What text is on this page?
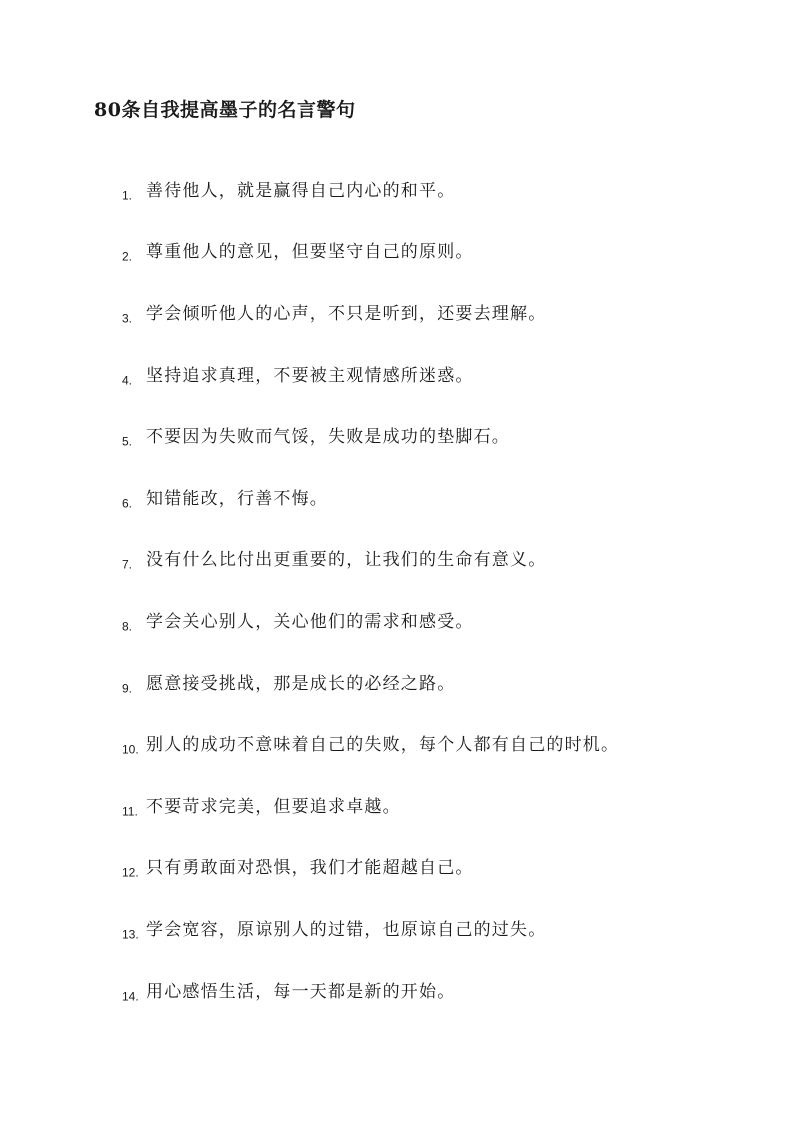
80条自我提高墨子的名言警句
1. 善待他人，就是赢得自己内心的和平。
2. 尊重他人的意见，但要坚守自己的原则。
3. 学会倾听他人的心声，不只是听到，还要去理解。
4. 坚持追求真理，不要被主观情感所迷惑。
5. 不要因为失败而气馁，失败是成功的垫脚石。
6. 知错能改，行善不悔。
7. 没有什么比付出更重要的，让我们的生命有意义。
8. 学会关心别人，关心他们的需求和感受。
9. 愿意接受挑战，那是成长的必经之路。
10. 别人的成功不意味着自己的失败，每个人都有自己的时机。
11. 不要苛求完美，但要追求卓越。
12. 只有勇敢面对恐惧，我们才能超越自己。
13. 学会宽容，原谅别人的过错，也原谅自己的过失。
14. 用心感悟生活，每一天都是新的开始。
